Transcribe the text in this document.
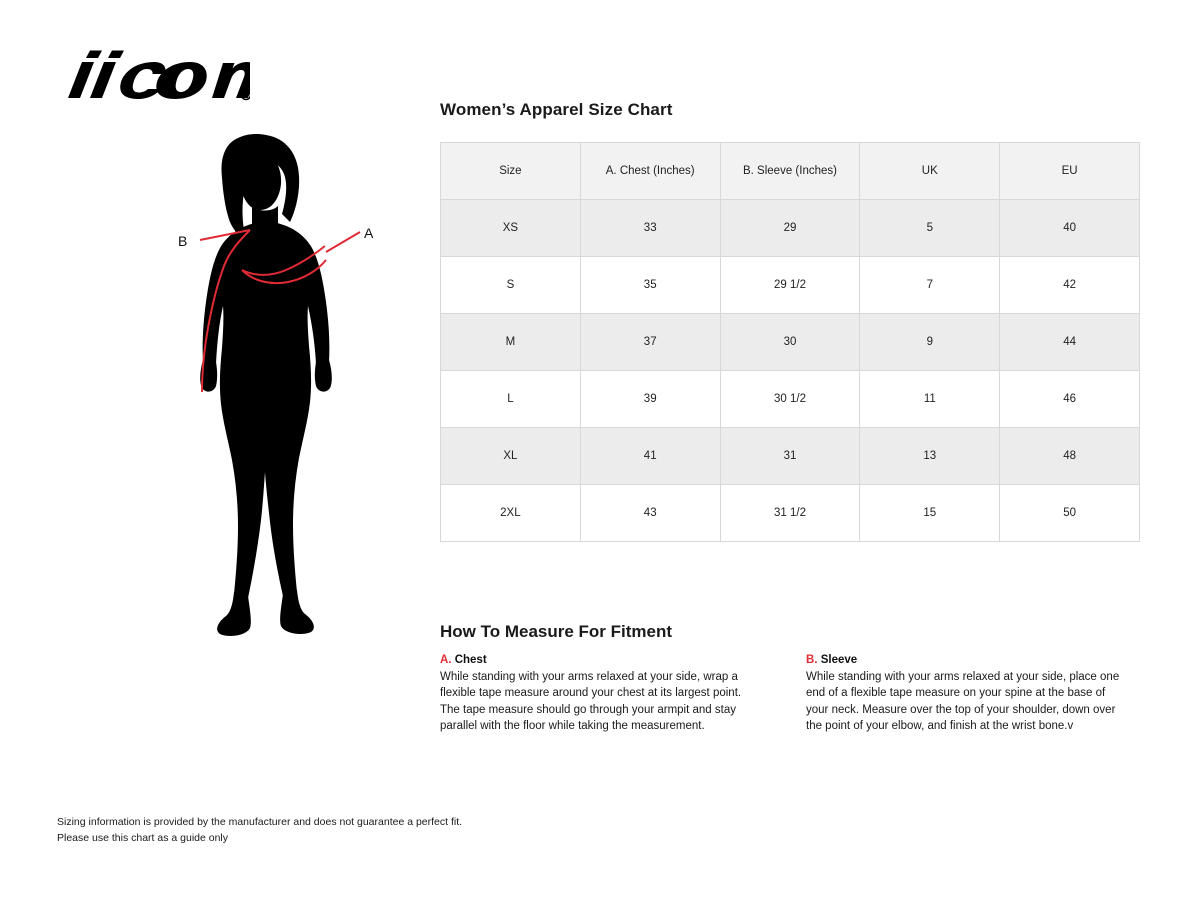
R
A
B
Women’s Apparel Size Chart
Size	A. Chest (Inches)	B. Sleeve (Inches)	UK	EU
XS	33	29	5	40
S	35	29 1/2	7	42
M	37	30	9	44
L	39	30 1/2	11	46
XL	41	31	13	48
2XL	43	31 1/2	15	50
How To Measure For Fitment
A. Chest
While standing with your arms relaxed at your side, wrap a flexible tape measure around your chest at its largest point. The tape measure should go through your armpit and stay parallel with the floor while taking the measurement.
B. Sleeve
While standing with your arms relaxed at your side, place one end of a flexible tape measure on your spine at the base of your neck. Measure over the top of your shoulder, down over the point of your elbow, and finish at the wrist bone.v
Sizing information is provided by the manufacturer and does not guarantee a perfect fit.
Please use this chart as a guide only
